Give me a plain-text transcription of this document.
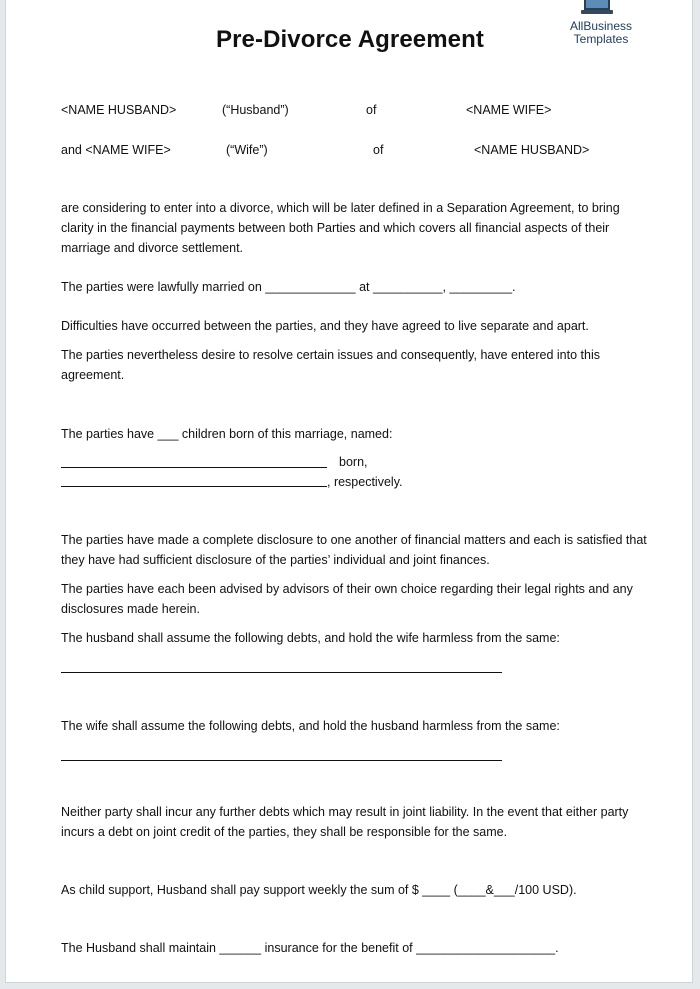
Pre-Divorce Agreement	AllBusiness
Templates
<NAME HUSBAND>	(“Husband”)	of	<NAME WIFE>
and <NAME WIFE>	(“Wife”)	of	<NAME HUSBAND>
are considering to enter into a divorce, which will be later defined in a Separation Agreement, to bring clarity in the financial payments between both Parties and which covers all financial aspects of their marriage and divorce settlement.
The parties were lawfully married on _____________ at __________, _________.
Difficulties have occurred between the parties, and they have agreed to live separate and apart.
The parties nevertheless desire to resolve certain issues and consequently, have entered into this agreement.
The parties have ___ children born of this marriage, named:
born,
, respectively.
The parties have made a complete disclosure to one another of financial matters and each is satisfied that they have had sufficient disclosure of the parties’ individual and joint finances.
The parties have each been advised by advisors of their own choice regarding their legal rights and any disclosures made herein.
The husband shall assume the following debts, and hold the wife harmless from the same:
The wife shall assume the following debts, and hold the husband harmless from the same:
Neither party shall incur any further debts which may result in joint liability. In the event that either party incurs a debt on joint credit of the parties, they shall be responsible for the same.
As child support, Husband shall pay support weekly the sum of $ ____ (____&___/100 USD).
The Husband shall maintain ______ insurance for the benefit of ____________________.
